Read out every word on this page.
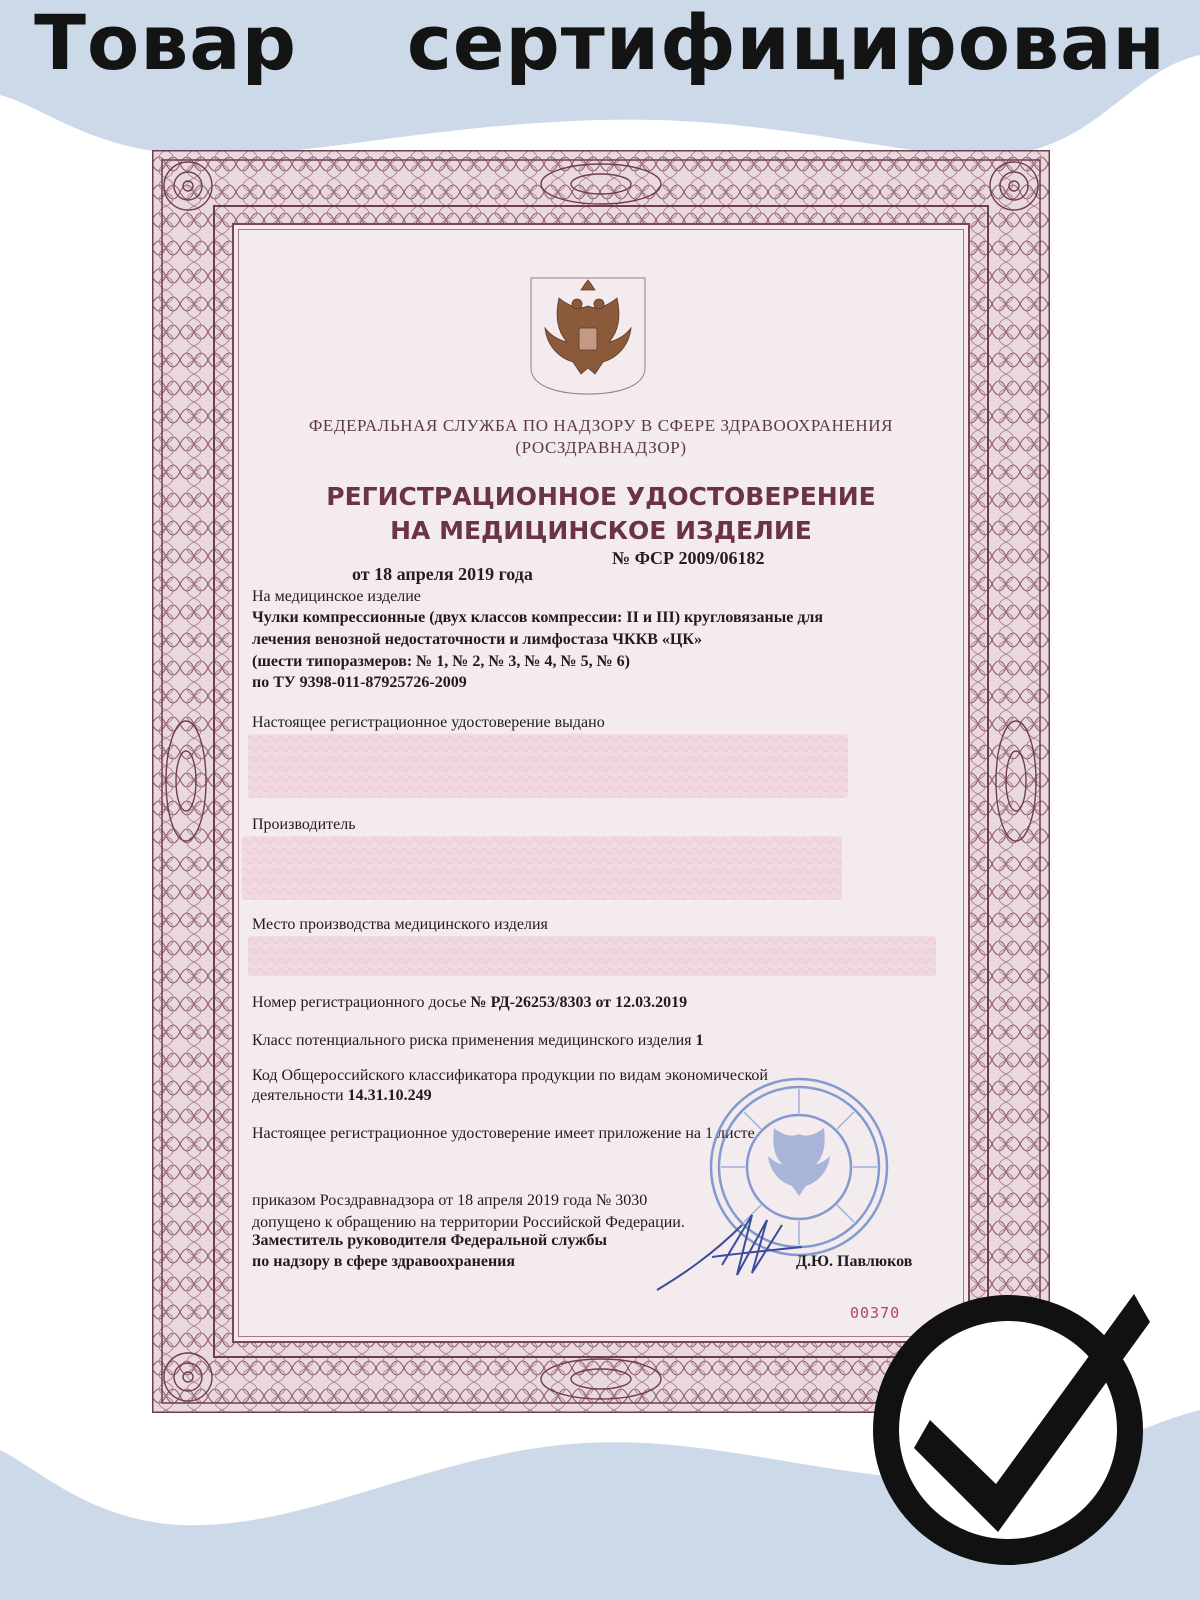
Товар    сертифицирован
ФЕДЕРАЛЬНАЯ СЛУЖБА ПО НАДЗОРУ В СФЕРЕ ЗДРАВООХРАНЕНИЯ
(РОСЗДРАВНАДЗОР)
РЕГИСТРАЦИОННОЕ УДОСТОВЕРЕНИЕ
НА МЕДИЦИНСКОЕ ИЗДЕЛИЕ
№ ФСР 2009/06182
от 18 апреля 2019 года
На медицинское изделие
Чулки компрессионные (двух классов компрессии: II и III) кругловязаные для
лечения венозной недостаточности и лимфостаза ЧККВ «ЦК»
(шести типоразмеров: № 1, № 2, № 3, № 4, № 5, № 6)
по ТУ 9398-011-87925726-2009
Настоящее регистрационное удостоверение выдано
Производитель
Место производства медицинского изделия
Номер регистрационного досье № РД-26253/8303 от 12.03.2019
Класс потенциального риска применения медицинского изделия 1
Код Общероссийского классификатора продукции по видам экономической
деятельности 14.31.10.249
Настоящее регистрационное удостоверение имеет приложение на 1 листе
приказом Росздравнадзора от 18 апреля 2019 года № 3030
допущено к обращению на территории Российской Федерации.
Заместитель руководителя Федеральной службы
по надзору в сфере здравоохранения	Д.Ю. Павлюков
00370
